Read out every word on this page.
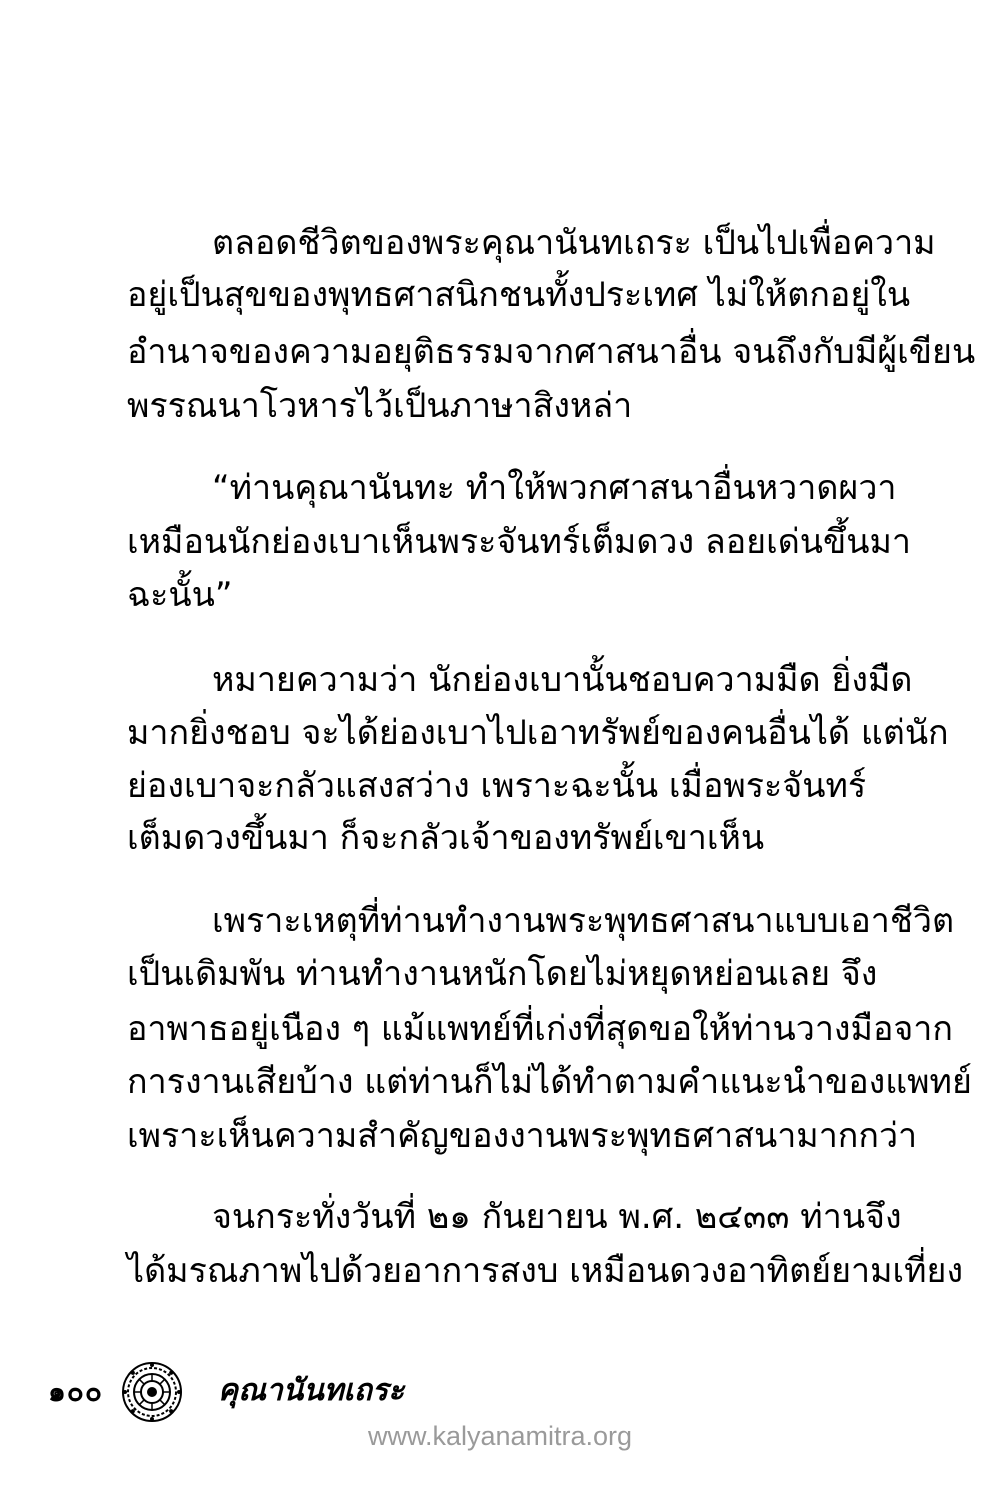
ตลอดชีวิตของพระคุณานันทเถระ เป็นไปเพื่อความ
อยู่เป็นสุขของพุทธศาสนิกชนทั้งประเทศ ไม่ให้ตกอยู่ใน
อำนาจของความอยุติธรรมจากศาสนาอื่น จนถึงกับมีผู้เขียน
พรรณนาโวหารไว้เป็นภาษาสิงหล่า
“ท่านคุณานันทะ ทำให้พวกศาสนาอื่นหวาดผวา
เหมือนนักย่องเบาเห็นพระจันทร์เต็มดวง ลอยเด่นขึ้นมา
ฉะนั้น”
หมายความว่า นักย่องเบานั้นชอบความมืด ยิ่งมืด
มากยิ่งชอบ จะได้ย่องเบาไปเอาทรัพย์ของคนอื่นได้ แต่นัก
ย่องเบาจะกลัวแสงสว่าง เพราะฉะนั้น เมื่อพระจันทร์
เต็มดวงขึ้นมา ก็จะกลัวเจ้าของทรัพย์เขาเห็น
เพราะเหตุที่ท่านทำงานพระพุทธศาสนาแบบเอาชีวิต
เป็นเดิมพัน ท่านทำงานหนักโดยไม่หยุดหย่อนเลย จึง
อาพาธอยู่เนือง ๆ แม้แพทย์ที่เก่งที่สุดขอให้ท่านวางมือจาก
การงานเสียบ้าง แต่ท่านก็ไม่ได้ทำตามคำแนะนำของแพทย์
เพราะเห็นความสำคัญของงานพระพุทธศาสนามากกว่า
จนกระทั่งวันที่ ๒๑ กันยายน พ.ศ. ๒๔๓๓ ท่านจึง
ได้มรณภาพไปด้วยอาการสงบ เหมือนดวงอาทิตย์ยามเที่ยง
๑๐๐	คุณานันทเถระ
www.kalyanamitra.org
